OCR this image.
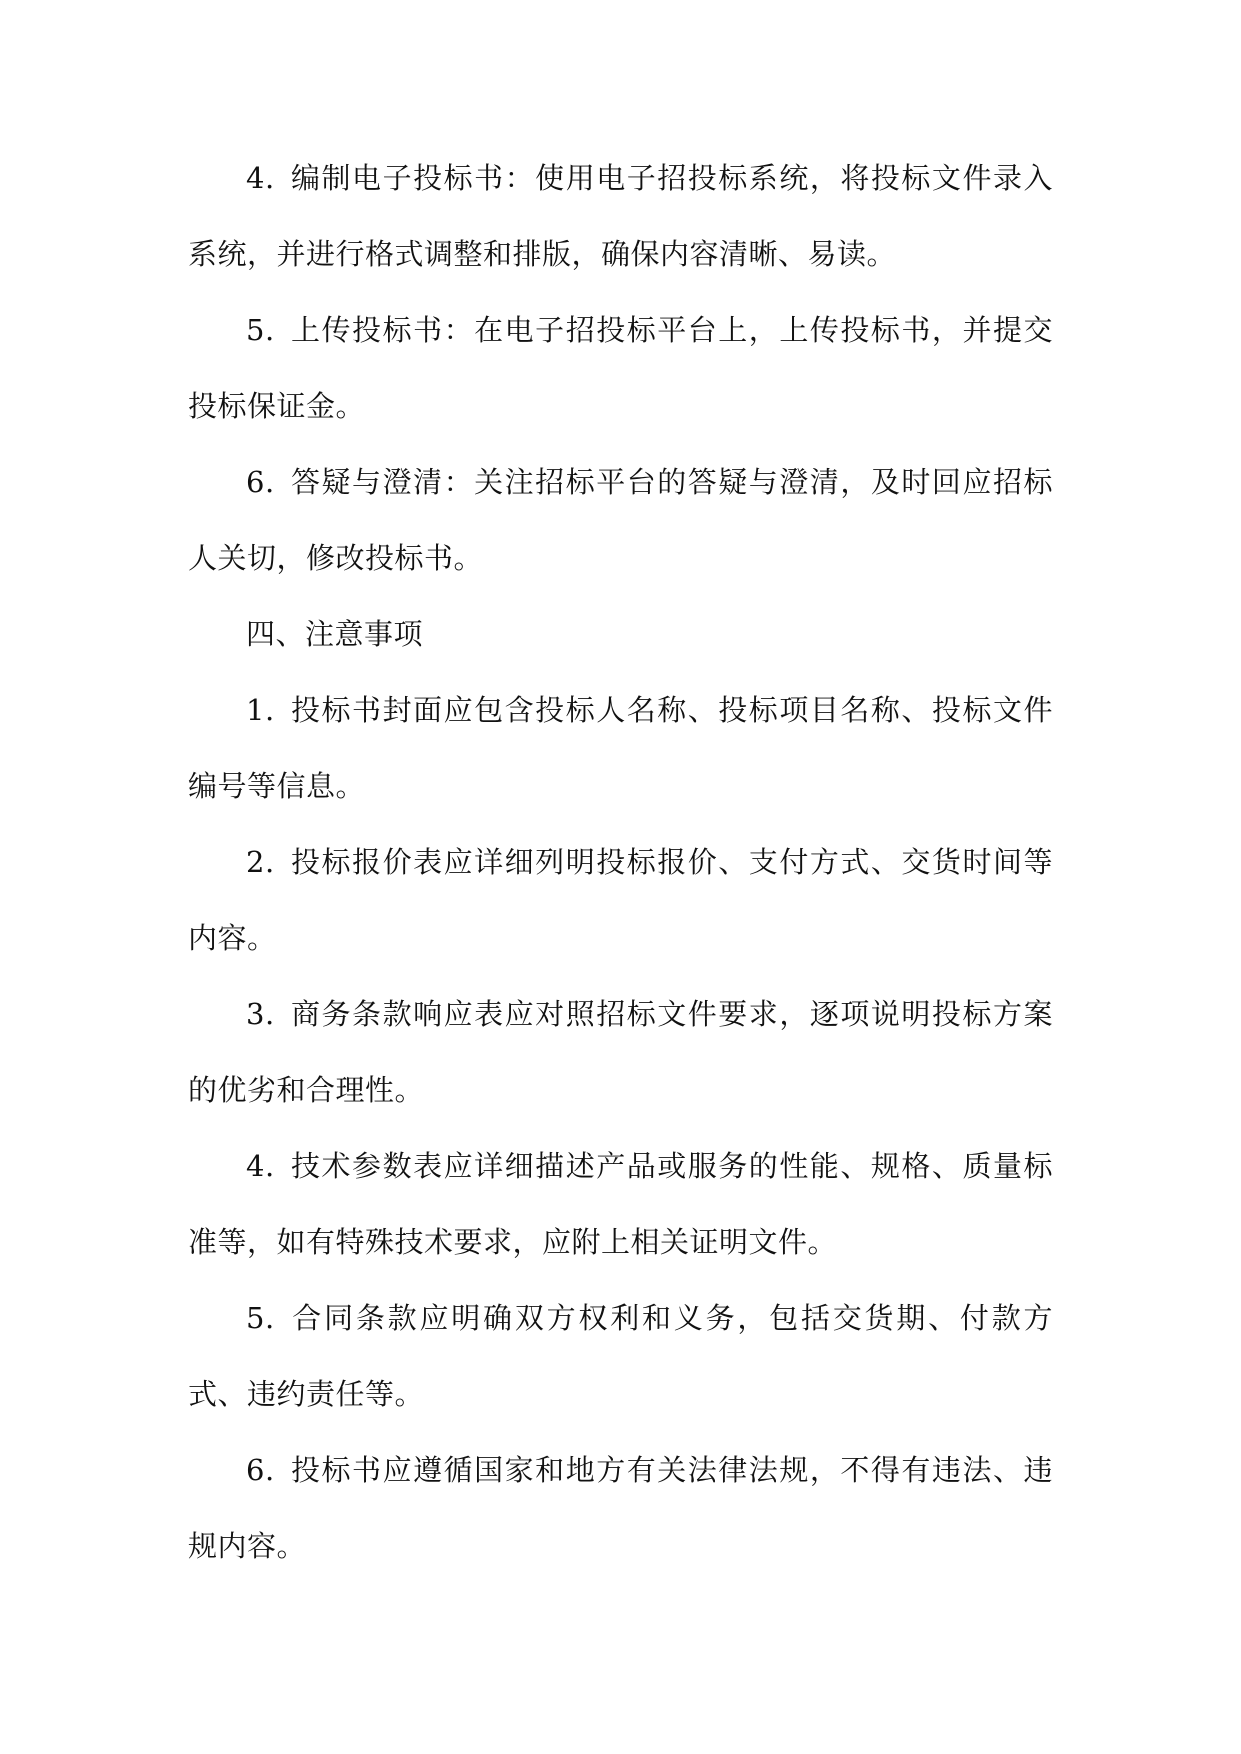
4. 编制电子投标书：使用电子招投标系统，将投标文件录入系统，并进行格式调整和排版，确保内容清晰、易读。

5. 上传投标书：在电子招投标平台上，上传投标书，并提交投标保证金。

6. 答疑与澄清：关注招标平台的答疑与澄清，及时回应招标人关切，修改投标书。

四、注意事项

1. 投标书封面应包含投标人名称、投标项目名称、投标文件编号等信息。

2. 投标报价表应详细列明投标报价、支付方式、交货时间等内容。

3. 商务条款响应表应对照招标文件要求，逐项说明投标方案的优劣和合理性。

4. 技术参数表应详细描述产品或服务的性能、规格、质量标准等，如有特殊技术要求，应附上相关证明文件。

5. 合同条款应明确双方权利和义务，包括交货期、付款方式、违约责任等。

6. 投标书应遵循国家和地方有关法律法规，不得有违法、违规内容。
